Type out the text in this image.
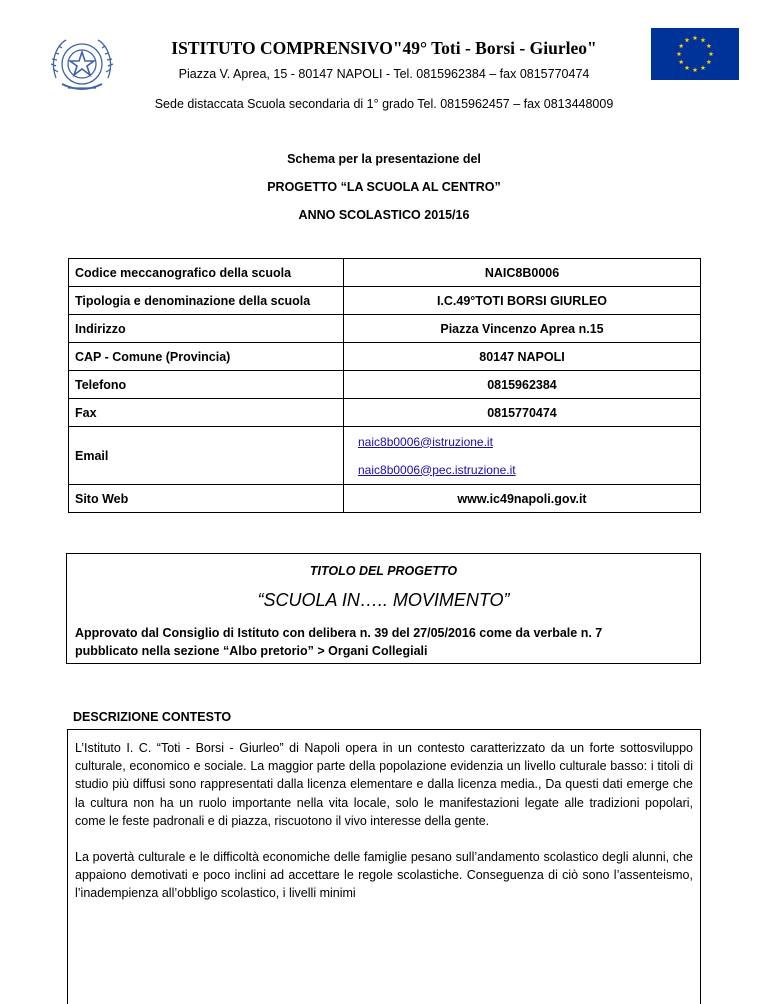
ISTITUTO COMPRENSIVO"49° Toti - Borsi - Giurleo"
Piazza V. Aprea, 15 - 80147 NAPOLI - Tel. 0815962384 – fax 0815770474
Sede distaccata Scuola secondaria di 1° grado Tel. 0815962457 – fax 0813448009
Schema per la presentazione del
PROGETTO “LA SCUOLA AL CENTRO”
ANNO SCOLASTICO 2015/16
Codice meccanografico della scuola	NAIC8B0006
Tipologia e denominazione della scuola	I.C.49°TOTI BORSI GIURLEO
Indirizzo	Piazza Vincenzo Aprea n.15
CAP - Comune (Provincia)	80147 NAPOLI
Telefono	0815962384
Fax	0815770474
Email	naic8b0006@istruzione.it
naic8b0006@pec.istruzione.it

Sito Web	www.ic49napoli.gov.it
TITOLO DEL PROGETTO
“SCUOLA IN….. MOVIMENTO”
Approvato dal Consiglio di Istituto con delibera n. 39 del 27/05/2016 come da verbale n. 7
pubblicato nella sezione “Albo pretorio” > Organi Collegiali
DESCRIZIONE CONTESTO

L’Istituto I. C. “Toti - Borsi - Giurleo” di Napoli opera in un contesto caratterizzato da un forte sottosviluppo culturale, economico e sociale. La maggior parte della popolazione evidenzia un livello culturale basso: i titoli di studio più diffusi sono rappresentati dalla licenza elementare e dalla licenza media., Da questi dati emerge che la cultura non ha un ruolo importante nella vita locale, solo le manifestazioni legate alle tradizioni popolari, come le feste padronali e di piazza, riscuotono il vivo interesse della gente.

La povertà culturale e le difficoltà economiche delle famiglie pesano sull’andamento scolastico degli alunni, che appaiono demotivati e poco inclini ad accettare le regole scolastiche. Conseguenza di ciò sono l’assenteismo, l’inadempienza all’obbligo scolastico, i livelli minimi
